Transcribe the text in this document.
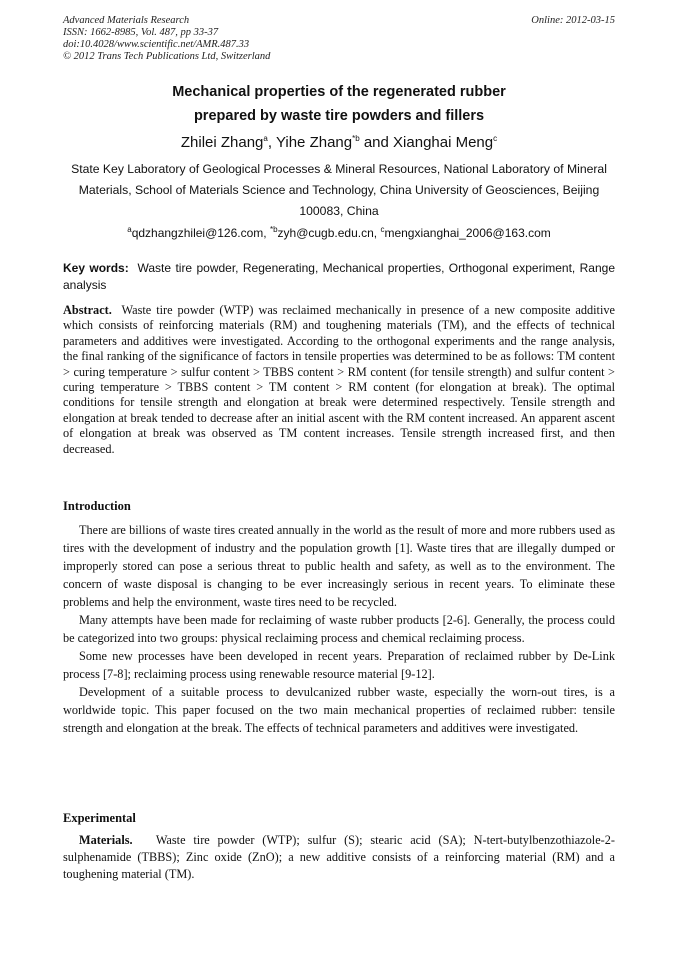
Advanced Materials Research
ISSN: 1662-8985, Vol. 487, pp 33-37
doi:10.4028/www.scientific.net/AMR.487.33
© 2012 Trans Tech Publications Ltd, Switzerland
Online: 2012-03-15
Mechanical properties of the regenerated rubber
prepared by waste tire powders and fillers
Zhilei Zhang$^a$, Yihe Zhang$^{*b}$ and Xianghai Meng$^c$
State Key Laboratory of Geological Processes & Mineral Resources, National Laboratory of Mineral
Materials, School of Materials Science and Technology, China University of Geosciences, Beijing
100083, China
$^a$qdzhangzhilei@126.com, $^{*b}$zyh@cugb.edu.cn, $^c$mengxianghai_2006@163.com
Key words: Waste tire powder, Regenerating, Mechanical properties, Orthogonal experiment, Range analysis
Abstract. Waste tire powder (WTP) was reclaimed mechanically in presence of a new composite additive which consists of reinforcing materials (RM) and toughening materials (TM), and the effects of technical parameters and additives were investigated. According to the orthogonal experiments and the range analysis, the final ranking of the significance of factors in tensile properties was determined to be as follows: TM content > curing temperature > sulfur content > TBBS content > RM content (for tensile strength) and sulfur content > curing temperature > TBBS content > TM content > RM content (for elongation at break). The optimal conditions for tensile strength and elongation at break were determined respectively. Tensile strength and elongation at break tended to decrease after an initial ascent with the RM content increased. An apparent ascent of elongation at break was observed as TM content increases. Tensile strength increased first, and then decreased.
Introduction

There are billions of waste tires created annually in the world as the result of more and more rubbers used as tires with the development of industry and the population growth [1]. Waste tires that are illegally dumped or improperly stored can pose a serious threat to public health and safety, as well as to the environment. The concern of waste disposal is changing to be ever increasingly serious in recent years. To eliminate these problems and help the environment, waste tires need to be recycled.

Many attempts have been made for reclaiming of waste rubber products [2-6]. Generally, the process could be categorized into two groups: physical reclaiming process and chemical reclaiming process.

Some new processes have been developed in recent years. Preparation of reclaimed rubber by De-Link process [7-8]; reclaiming process using renewable resource material [9-12].

Development of a suitable process to devulcanized rubber waste, especially the worn-out tires, is a worldwide topic. This paper focused on the two main mechanical properties of reclaimed rubber: tensile strength and elongation at the break. The effects of technical parameters and additives were investigated.

Experimental
Materials. Waste tire powder (WTP); sulfur (S); stearic acid (SA); N-tert-butylbenzothiazole-2-sulphenamide (TBBS); Zinc oxide (ZnO); a new additive consists of a reinforcing material (RM) and a toughening material (TM).
